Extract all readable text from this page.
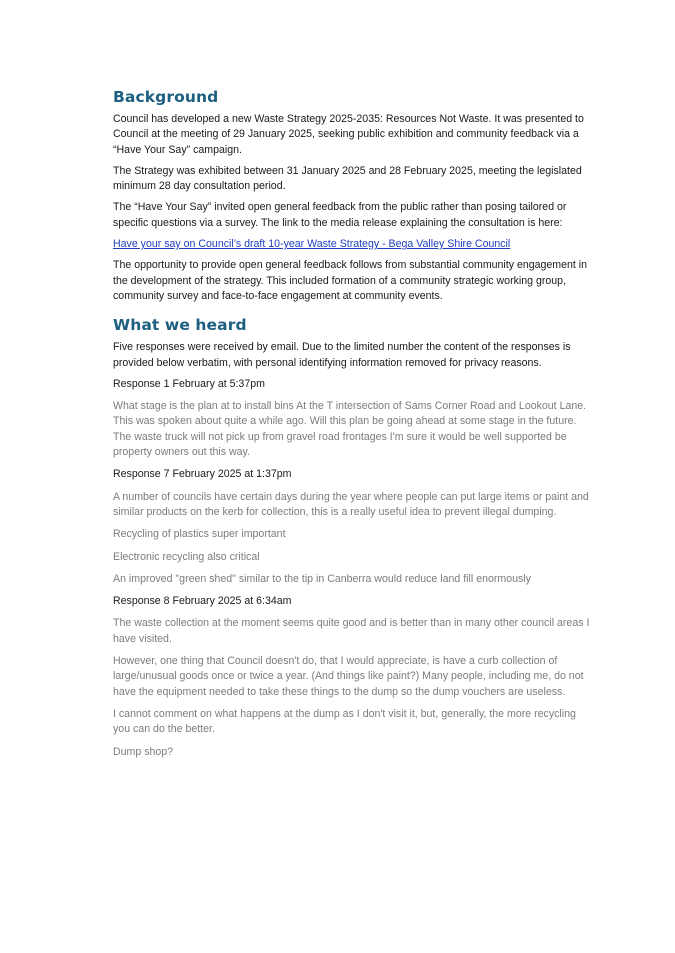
Background

Council has developed a new Waste Strategy 2025-2035: Resources Not Waste. It was presented to Council at the meeting of 29 January 2025, seeking public exhibition and community feedback via a “Have Your Say” campaign.

The Strategy was exhibited between 31 January 2025 and 28 February 2025, meeting the legislated minimum 28 day consultation period.

The “Have Your Say” invited open general feedback from the public rather than posing tailored or specific questions via a survey. The link to the media release explaining the consultation is here:

Have your say on Council’s draft 10-year Waste Strategy - Bega Valley Shire Council

The opportunity to provide open general feedback follows from substantial community engagement in the development of the strategy. This included formation of a community strategic working group, community survey and face-to-face engagement at community events.

What we heard

Five responses were received by email. Due to the limited number the content of the responses is provided below verbatim, with personal identifying information removed for privacy reasons.

Response 1 February at 5:37pm

What stage is the plan at to install bins At the T intersection of Sams Corner Road and Lookout Lane. This was spoken about quite a while ago. Will this plan be going ahead at some stage in the future. The waste truck will not pick up from gravel road frontages I'm sure it would be well supported be property owners out this way.

Response 7 February 2025 at 1:37pm

A number of councils have certain days during the year where people can put large items or paint and similar products on the kerb for collection, this is a really useful idea to prevent illegal dumping.

Recycling of plastics super important

Electronic recycling also critical

An improved "green shed" similar to the tip in Canberra would reduce land fill enormously

Response 8 February 2025 at 6:34am

The waste collection at the moment seems quite good and is better than in many other council areas I have visited.

However, one thing that Council doesn't do, that I would appreciate, is have a curb collection of large/unusual goods once or twice a year. (And things like paint?) Many people, including me, do not have the equipment needed to take these things to the dump so the dump vouchers are useless.

I cannot comment on what happens at the dump as I don't visit it, but, generally, the more recycling you can do the better.

Dump shop?
